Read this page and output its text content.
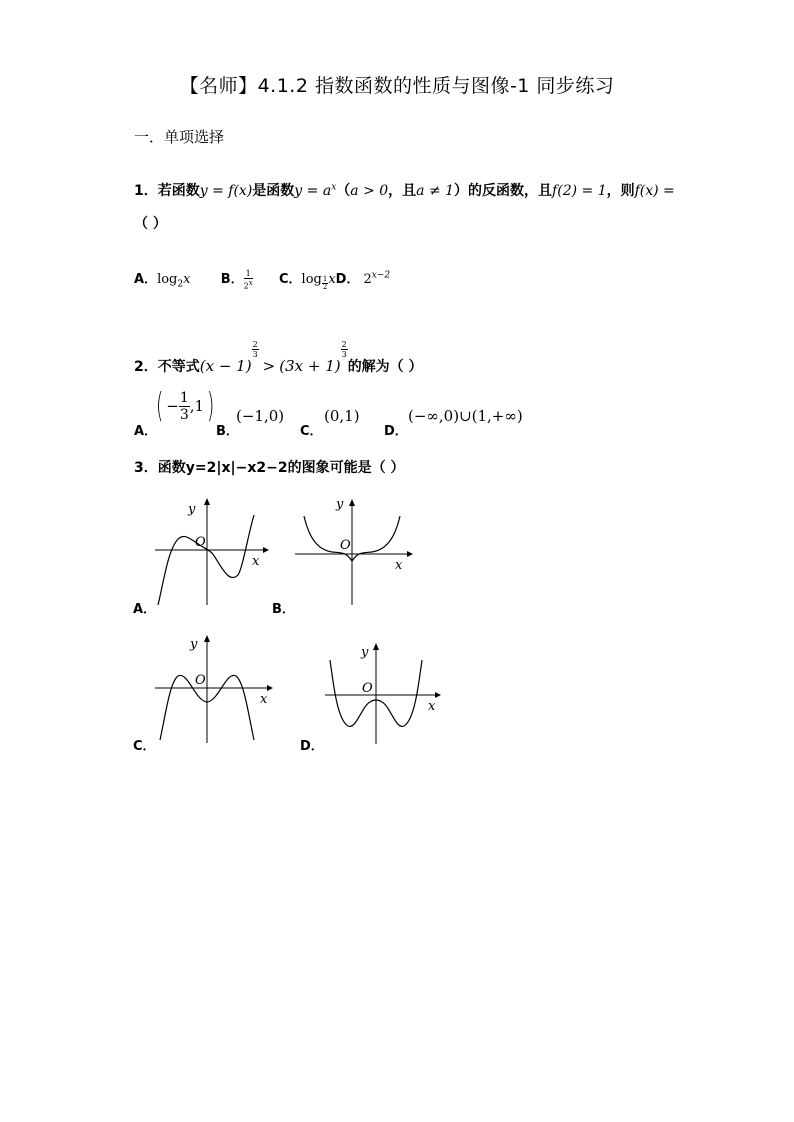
【名师】4.1.2 指数函数的性质与图像-1 同步练习
一．单项选择
1．若函数y = f(x)是函数$y = a^x(a > 0$，且a ≠ 1）的反函数，且f(2) = 1，则f(x) =
（ ）
A．$\log_2x$ B． $\frac{1}{2^x}$ C．$\log \frac{1}{2}$ xD． $2^{x-2}$
2．不等式(x − 1)
$\frac{2}{3}$
> (3x + 1)
$\frac{2}{3}$
的解为（ ）
A．
( − $\frac{1}{3} ,1$)
B．
(−1,0)
C．
(0,1)
D．
(−∞,0)∪(1,+∞)
3．函数y=2|x|−x2−2的图象可能是（ ）
O
x
y
A．
O
x
y
B．
O
x
y
C．
O
x
y
D．
